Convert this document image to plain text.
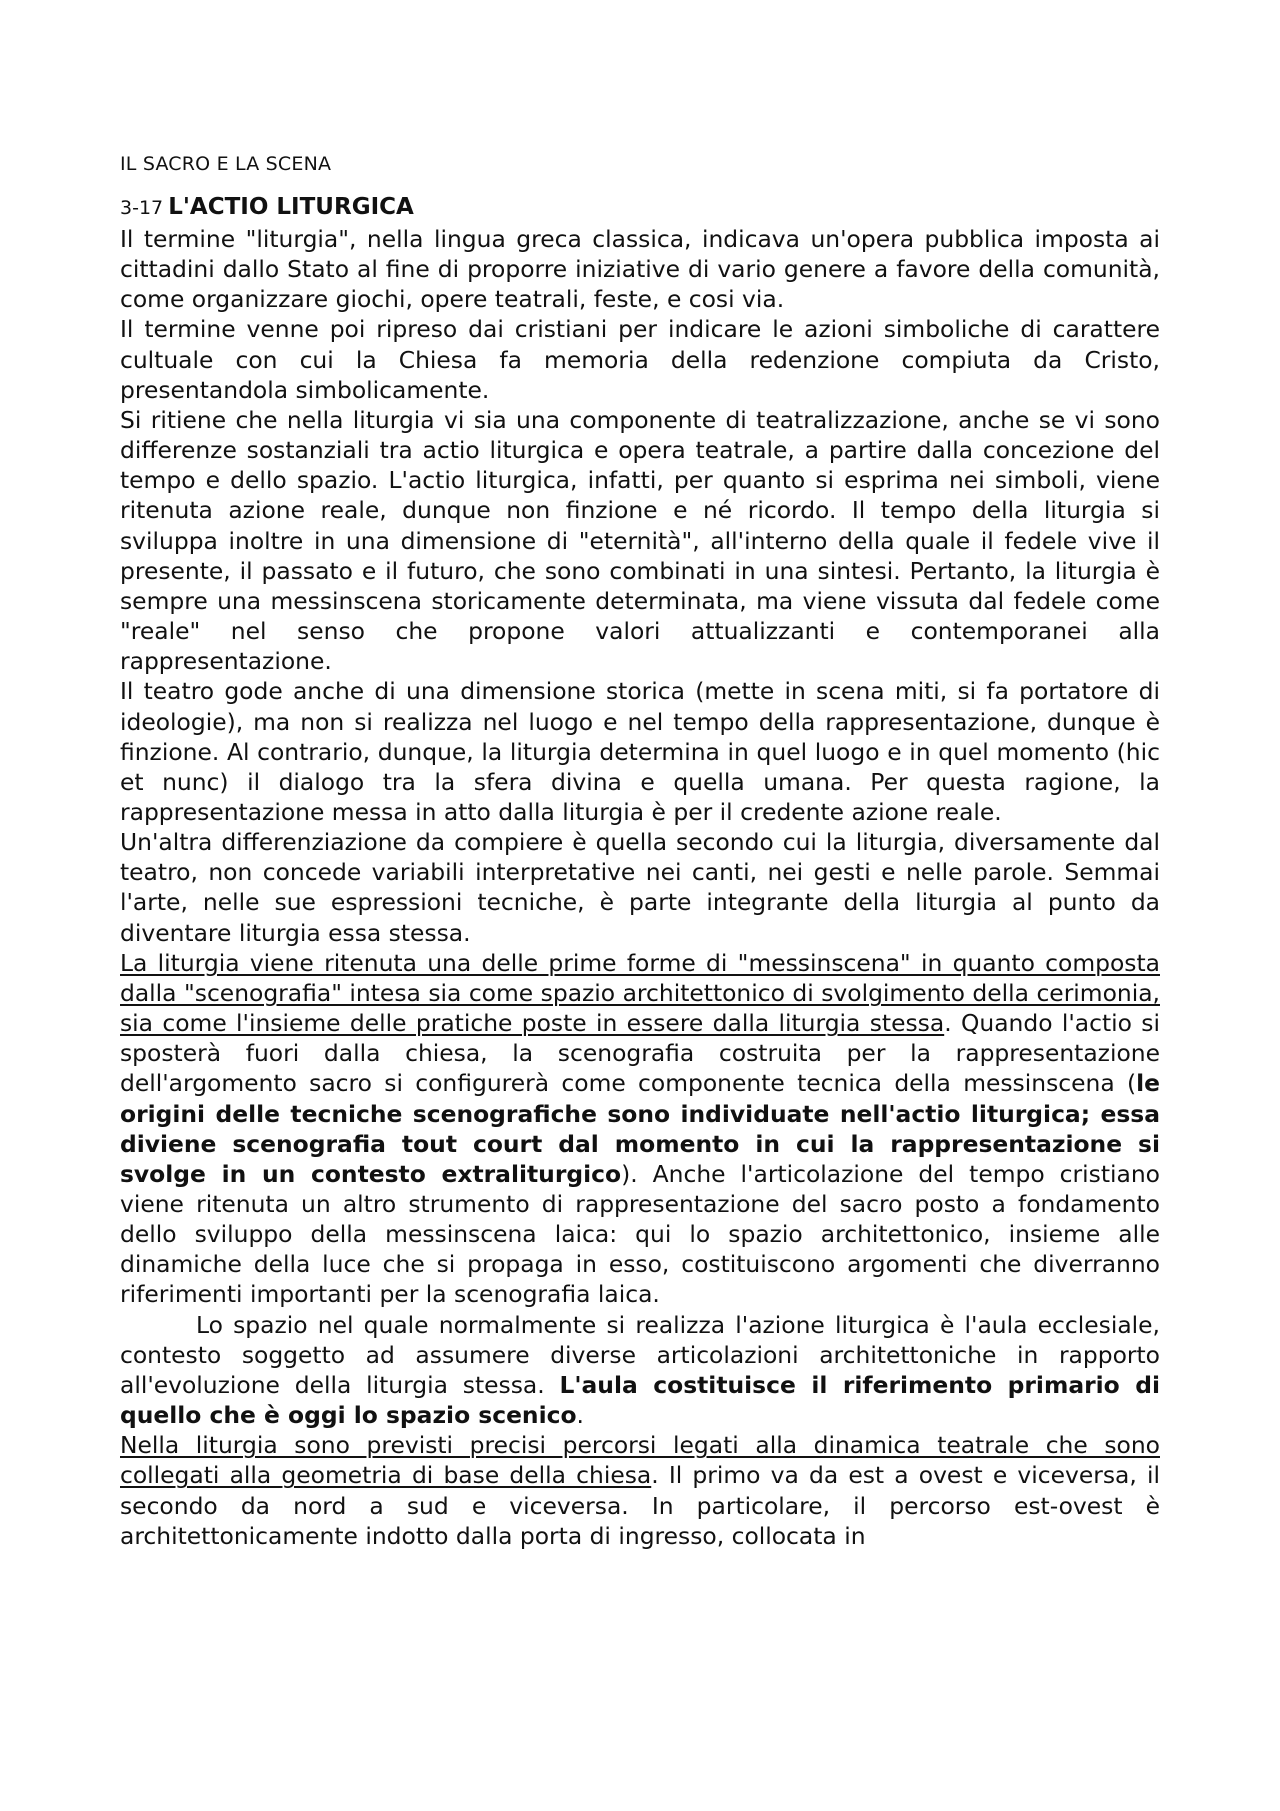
IL SACRO E LA SCENA
3-17 L'ACTIO LITURGICA

Il termine "liturgia", nella lingua greca classica, indicava un'opera pubblica imposta ai cittadini dallo Stato al fine di proporre iniziative di vario genere a favore della comunità, come organizzare giochi, opere teatrali, feste, e cosi via.

Il termine venne poi ripreso dai cristiani per indicare le azioni simboliche di carattere cultuale con cui la Chiesa fa memoria della redenzione compiuta da Cristo, presentandola simbolicamente.

Si ritiene che nella liturgia vi sia una componente di teatralizzazione, anche se vi sono differenze sostanziali tra actio liturgica e opera teatrale, a partire dalla concezione del tempo e dello spazio. L'actio liturgica, infatti, per quanto si esprima nei simboli, viene ritenuta azione reale, dunque non finzione e né ricordo. Il tempo della liturgia si sviluppa inoltre in una dimensione di "eternità", all'interno della quale il fedele vive il presente, il passato e il futuro, che sono combinati in una sintesi. Pertanto, la liturgia è sempre una messinscena storicamente determinata, ma viene vissuta dal fedele come "reale" nel senso che propone valori attualizzanti e contemporanei alla rappresentazione.

Il teatro gode anche di una dimensione storica (mette in scena miti, si fa portatore di ideologie), ma non si realizza nel luogo e nel tempo della rappresentazione, dunque è finzione. Al contrario, dunque, la liturgia determina in quel luogo e in quel momento (hic et nunc) il dialogo tra la sfera divina e quella umana. Per questa ragione, la rappresentazione messa in atto dalla liturgia è per il credente azione reale.

Un'altra differenziazione da compiere è quella secondo cui la liturgia, diversamente dal teatro, non concede variabili interpretative nei canti, nei gesti e nelle parole. Semmai l'arte, nelle sue espressioni tecniche, è parte integrante della liturgia al punto da diventare liturgia essa stessa.

La liturgia viene ritenuta una delle prime forme di "messinscena" in quanto composta dalla "scenografia" intesa sia come spazio architettonico di svolgimento della cerimonia, sia come l'insieme delle pratiche poste in essere dalla liturgia stessa. Quando l'actio si sposterà fuori dalla chiesa, la scenografia costruita per la rappresentazione dell'argomento sacro si configurerà come componente tecnica della messinscena (le origini delle tecniche scenografiche sono individuate nell'actio liturgica; essa diviene scenografia tout court dal momento in cui la rappresentazione si svolge in un contesto extraliturgico). Anche l'articolazione del tempo cristiano viene ritenuta un altro strumento di rappresentazione del sacro posto a fondamento dello sviluppo della messinscena laica: qui lo spazio architettonico, insieme alle dinamiche della luce che si propaga in esso, costituiscono argomenti che diverranno riferimenti importanti per la scenografia laica.

Lo spazio nel quale normalmente si realizza l'azione liturgica è l'aula ecclesiale, contesto soggetto ad assumere diverse articolazioni architettoniche in rapporto all'evoluzione della liturgia stessa. L'aula costituisce il riferimento primario di quello che è oggi lo spazio scenico.

Nella liturgia sono previsti precisi percorsi legati alla dinamica teatrale che sono collegati alla geometria di base della chiesa. Il primo va da est a ovest e viceversa, il secondo da nord a sud e viceversa. In particolare, il percorso est-ovest è architettonicamente indotto dalla porta di ingresso, collocata in
